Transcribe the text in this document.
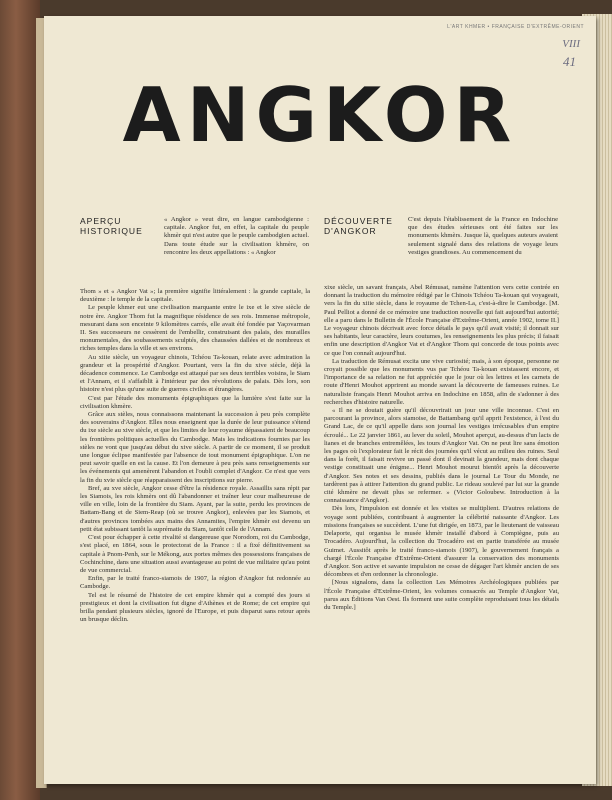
L'ART KHMER • FRANÇAISE D'EXTRÊME-ORIENT
VIII
41
ANGKOR
APERÇU
HISTORIQUE
« Angkor » veut dire, en langue cambodgienne : capitale. Angkor fut, en effet, la capitale du peuple khmèr qui n'est autre que le peuple cambodgien actuel. Dans toute étude sur la civilisation khmère, on rencontre les deux appellations : « Angkor

Thom » et « Angkor Vat »; la première signifie littéralement : la grande capitale, la deuxième : le temple de la capitale.

Le peuple khmer eut une civilisation marquante entre le ixe et le xive siècle de notre ère. Angkor Thom fut la magnifique résidence de ses rois. Immense métropole, mesurant dans son enceinte 9 kilomètres carrés, elle avait été fondée par Yaçovarman II. Ses successeurs ne cessèrent de l'embellir, construisant des palais, des murailles monumentales, des soubassements sculptés, des chaussées dallées et de nombreux et riches temples dans la ville et ses environs.

Au xiiie siècle, un voyageur chinois, Tchéou Ta-kouan, relate avec admiration la grandeur et la prospérité d'Angkor. Pourtant, vers la fin du xive siècle, déjà la décadence commence. Le Cambodge est attaqué par ses deux terribles voisins, le Siam et l'Annam, et il s'affaiblit à l'intérieur par des révolutions de palais. Dès lors, son histoire n'est plus qu'une suite de guerres civiles et étrangères.

C'est par l'étude des monuments épigraphiques que la lumière s'est faite sur la civilisation khmère.

Grâce aux stèles, nous connaissons maintenant la succession à peu près complète des souverains d'Angkor. Elles nous enseignent que la durée de leur puissance s'étend du ixe siècle au xive siècle, et que les limites de leur royaume dépassaient de beaucoup les frontières politiques actuelles du Cambodge. Mais les indications fournies par les stèles ne vont que jusqu'au début du xive siècle. A partir de ce moment, il se produit une longue éclipse manifestée par l'absence de tout monument épigraphique. L'on ne peut savoir quelle en est la cause. Et l'on demeure à peu près sans renseignements sur les événements qui amenèrent l'abandon et l'oubli complet d'Angkor. Ce n'est que vers la fin du xvie siècle que réapparaissent des inscriptions sur pierre.

Bref, au xve siècle, Angkor cesse d'être la résidence royale. Assaillis sans répit par les Siamois, les rois khmèrs ont dû l'abandonner et traîner leur cour malheureuse de ville en ville, loin de la frontière du Siam. Ayant, par la suite, perdu les provinces de Battam-Bang et de Siem-Reap (où se trouve Angkor), enlevées par les Siamois, et d'autres provinces tombées aux mains des Annamites, l'empire khmèr est devenu un petit état subissant tantôt la suprématie du Siam, tantôt celle de l'Annam.

C'est pour échapper à cette rivalité si dangereuse que Norodom, roi du Cambodge, s'est placé, en 1864, sous le protectorat de la France : il a fixé définitivement sa capitale à Pnom-Penh, sur le Mékong, aux portes mêmes des possessions françaises de Cochinchine, dans une situation aussi avantageuse au point de vue militaire qu'au point de vue commercial.

Enfin, par le traité franco-siamois de 1907, la région d'Angkor fut redonnée au Cambodge.

Tel est le résumé de l'histoire de cet empire khmèr qui a compté des jours si prestigieux et dont la civilisation fut digne d'Athènes et de Rome; de cet empire qui brilla pendant plusieurs siècles, ignoré de l'Europe, et puis disparut sans retour après un brusque déclin.

DÉCOUVERTE
D'ANGKOR
C'est depuis l'établissement de la France en Indochine que des études sérieuses ont été faites sur les monuments khmèrs. Jusque là, quelques auteurs avaient seulement signalé dans des relations de voyage leurs vestiges grandioses. Au commencement du

xixe siècle, un savant français, Abel Rémusat, ramène l'attention vers cette contrée en donnant la traduction du mémoire rédigé par le Chinois Tchéou Ta-kouan qui voyageait, vers la fin du xiiie siècle, dans le royaume de Tchen-La, c'est-à-dire le Cambodge. [M. Paul Pelliot a donné de ce mémoire une traduction nouvelle qui fait aujourd'hui autorité; elle a paru dans le Bulletin de l'École Française d'Extrême-Orient, année 1902, tome II.] Le voyageur chinois décrivait avec force détails le pays qu'il avait visité; il donnait sur ses habitants, leur caractère, leurs coutumes, les renseignements les plus précis; il faisait enfin une description d'Angkor Vat et d'Angkor Thom qui concorde de tous points avec ce que l'on connaît aujourd'hui.

La traduction de Rémusat excita une vive curiosité; mais, à son époque, personne ne croyait possible que les monuments vus par Tchéou Ta-kouan existassent encore, et l'importance de sa relation ne fut appréciée que le jour où les lettres et les carnets de route d'Henri Mouhot apprirent au monde savant la découverte de fameuses ruines. Le naturaliste français Henri Mouhot arriva en Indochine en 1858, afin de s'adonner à des recherches d'histoire naturelle.

« Il ne se doutait guère qu'il découvrirait un jour une ville inconnue. C'est en parcourant la province, alors siamoise, de Battambang qu'il apprit l'existence, à l'est du Grand Lac, de ce qu'il appelle dans son journal les vestiges irrécusables d'un empire écroulé... Le 22 janvier 1861, au lever du soleil, Mouhot aperçut, au-dessus d'un lacis de lianes et de branches entremêlées, les tours d'Angkor Vat. On ne peut lire sans émotion les pages où l'explorateur fait le récit des journées qu'il vécut au milieu des ruines. Seul dans la forêt, il faisait revivre un passé dont il devinait la grandeur, mais dont chaque vestige constituait une énigme... Henri Mouhot mourut bientôt après la découverte d'Angkor. Ses notes et ses dessins, publiés dans le journal Le Tour du Monde, ne tardèrent pas à attirer l'attention du grand public. Le rideau soulevé par lui sur la grande cité khmère ne devait plus se refermer. » (Victor Goloubew. Introduction à la connaissance d'Angkor).

Dès lors, l'impulsion est donnée et les visites se multiplient. D'autres relations de voyage sont publiées, contribuant à augmenter la célébrité naissante d'Angkor. Les missions françaises se succèdent. L'une fut dirigée, en 1873, par le lieutenant de vaisseau Delaporte, qui organisa le musée khmèr installé d'abord à Compiègne, puis au Trocadéro. Aujourd'hui, la collection du Trocadéro est en partie transférée au musée Guimet. Aussitôt après le traité franco-siamois (1907), le gouvernement français a chargé l'École Française d'Extrême-Orient d'assurer la conservation des monuments d'Angkor. Son active et savante impulsion ne cesse de dégager l'art khmèr ancien de ses décombres et d'en ordonner la chronologie.

[Nous signalons, dans la collection Les Mémoires Archéologiques publiées par l'École Française d'Extrême-Orient, les volumes consacrés au Temple d'Angkor Vat, parus aux Éditions Van Oest. Ils forment une suite complète reproduisant tous les détails du Temple.]
